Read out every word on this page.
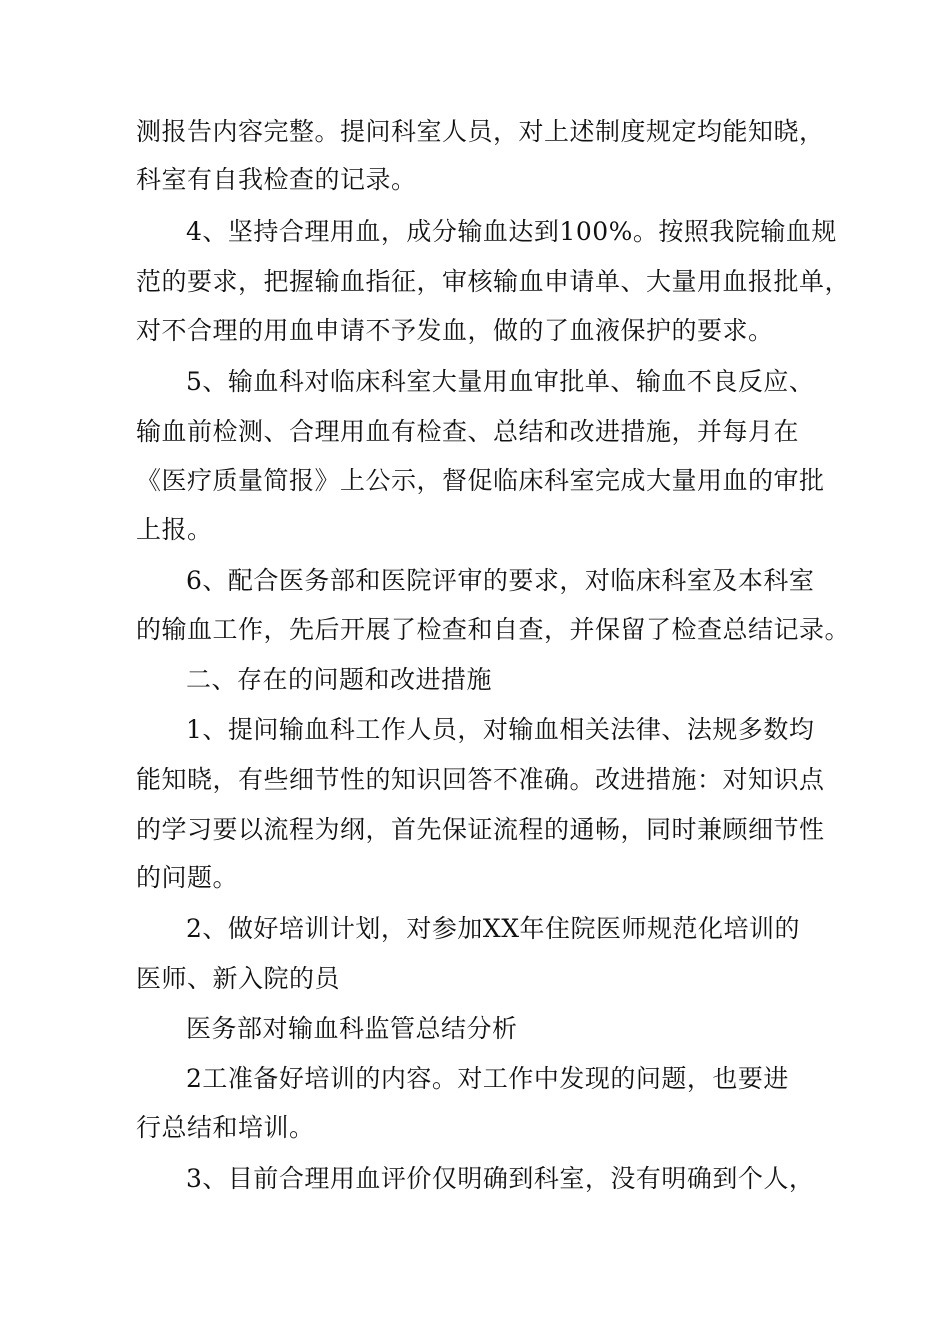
测报告内容完整。提问科室人员，对上述制度规定均能知晓，
科室有自我检查的记录。
4、坚持合理用血，成分输血达到100%。按照我院输血规
范的要求，把握输血指征，审核输血申请单、大量用血报批单，
对不合理的用血申请不予发血，做的了血液保护的要求。
5、输血科对临床科室大量用血审批单、输血不良反应、
输血前检测、合理用血有检查、总结和改进措施，并每月在
《医疗质量简报》上公示，督促临床科室完成大量用血的审批
上报。
6、配合医务部和医院评审的要求，对临床科室及本科室
的输血工作，先后开展了检查和自查，并保留了检查总结记录。
二、存在的问题和改进措施
1、提问输血科工作人员，对输血相关法律、法规多数均
能知晓，有些细节性的知识回答不准确。改进措施：对知识点
的学习要以流程为纲，首先保证流程的通畅，同时兼顾细节性
的问题。
2、做好培训计划，对参加XX年住院医师规范化培训的
医师、新入院的员
医务部对输血科监管总结分析
2工准备好培训的内容。对工作中发现的问题，也要进
行总结和培训。
3、目前合理用血评价仅明确到科室，没有明确到个人，
